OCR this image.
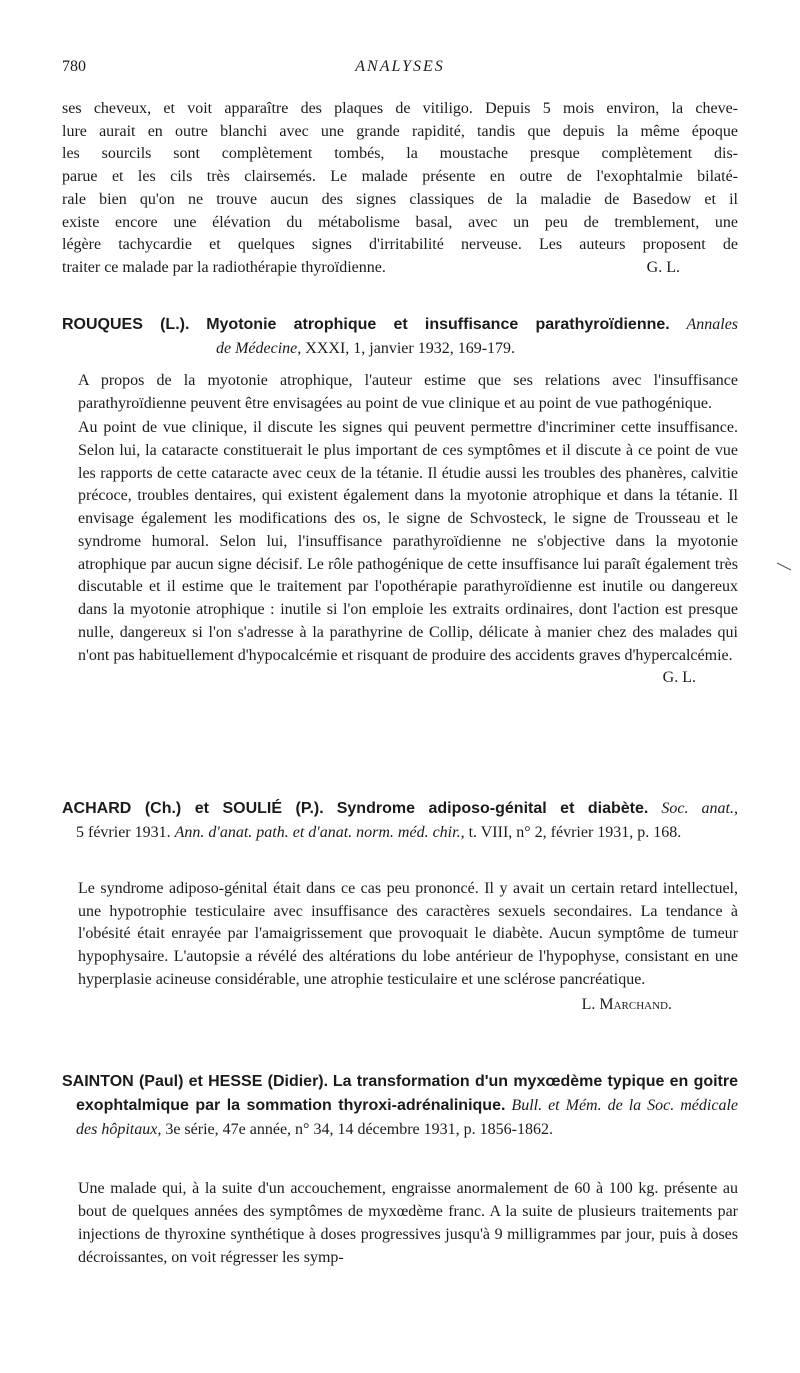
780	ANALYSES
ses cheveux, et voit apparaître des plaques de vitiligo. Depuis 5 mois environ, la cheve-
lure aurait en outre blanchi avec une grande rapidité, tandis que depuis la même époque
les sourcils sont complètement tombés, la moustache presque complètement dis-
parue et les cils très clairsemés. Le malade présente en outre de l'exophtalmie bilaté-
rale bien qu'on ne trouve aucun des signes classiques de la maladie de Basedow et il
existe encore une élévation du métabolisme basal, avec un peu de tremblement, une
légère tachycardie et quelques signes d'irritabilité nerveuse. Les auteurs proposent de
traiter ce malade par la radiothérapie thyroïdienne.	G. L.
ROUQUES (L.). Myotonie atrophique et insuffisance parathyroïdienne. Annales
de Médecine, XXXI, 1, janvier 1932, 169-179.

A propos de la myotonie atrophique, l'auteur estime que ses relations avec l'insuffisance parathyroïdienne peuvent être envisagées au point de vue clinique et au point de vue pathogénique.

Au point de vue clinique, il discute les signes qui peuvent permettre d'incriminer cette insuffisance. Selon lui, la cataracte constituerait le plus important de ces symptômes et il discute à ce point de vue les rapports de cette cataracte avec ceux de la tétanie. Il étudie aussi les troubles des phanères, calvitie précoce, troubles dentaires, qui existent également dans la myotonie atrophique et dans la tétanie. Il envisage également les modifications des os, le signe de Schvosteck, le signe de Trousseau et le syndrome humoral. Selon lui, l'insuffisance parathyroïdienne ne s'objective dans la myotonie atrophique par aucun signe décisif. Le rôle pathogénique de cette insuffisance lui paraît également très discutable et il estime que le traitement par l'opothérapie parathyroïdienne est inutile ou dangereux dans la myotonie atrophique : inutile si l'on emploie les extraits ordinaires, dont l'action est presque nulle, dangereux si l'on s'adresse à la parathyrine de Collip, délicate à manier chez des malades qui n'ont pas habituellement d'hypocalcémie et risquant de produire des accidents graves d'hypercalcémie.

G. L.
ACHARD (Ch.) et SOULIÉ (P.). Syndrome adiposo-génital et diabète. Soc. anat.,
5 février 1931. Ann. d'anat. path. et d'anat. norm. méd. chir., t. VIII, n° 2, février 1931, p. 168.

Le syndrome adiposo-génital était dans ce cas peu prononcé. Il y avait un certain retard intellectuel, une hypotrophie testiculaire avec insuffisance des caractères sexuels secondaires. La tendance à l'obésité était enrayée par l'amaigrissement que provoquait le diabète. Aucun symptôme de tumeur hypophysaire. L'autopsie a révélé des altérations du lobe antérieur de l'hypophyse, consistant en une hyperplasie acineuse considérable, une atrophie testiculaire et une sclérose pancréatique.

L. Marchand.
SAINTON (Paul) et HESSE (Didier). La transformation d'un myxœdème typique en goitre exophtalmique par la sommation thyroxi-adrénalinique. Bull. et Mém. de la Soc. médicale des hôpitaux, 3e série, 47e année, n° 34, 14 décembre 1931, p. 1856-1862.

Une malade qui, à la suite d'un accouchement, engraisse anormalement de 60 à 100 kg. présente au bout de quelques années des symptômes de myxœdème franc. A la suite de plusieurs traitements par injections de thyroxine synthétique à doses progressives jusqu'à 9 milligrammes par jour, puis à doses décroissantes, on voit régresser les symp-
